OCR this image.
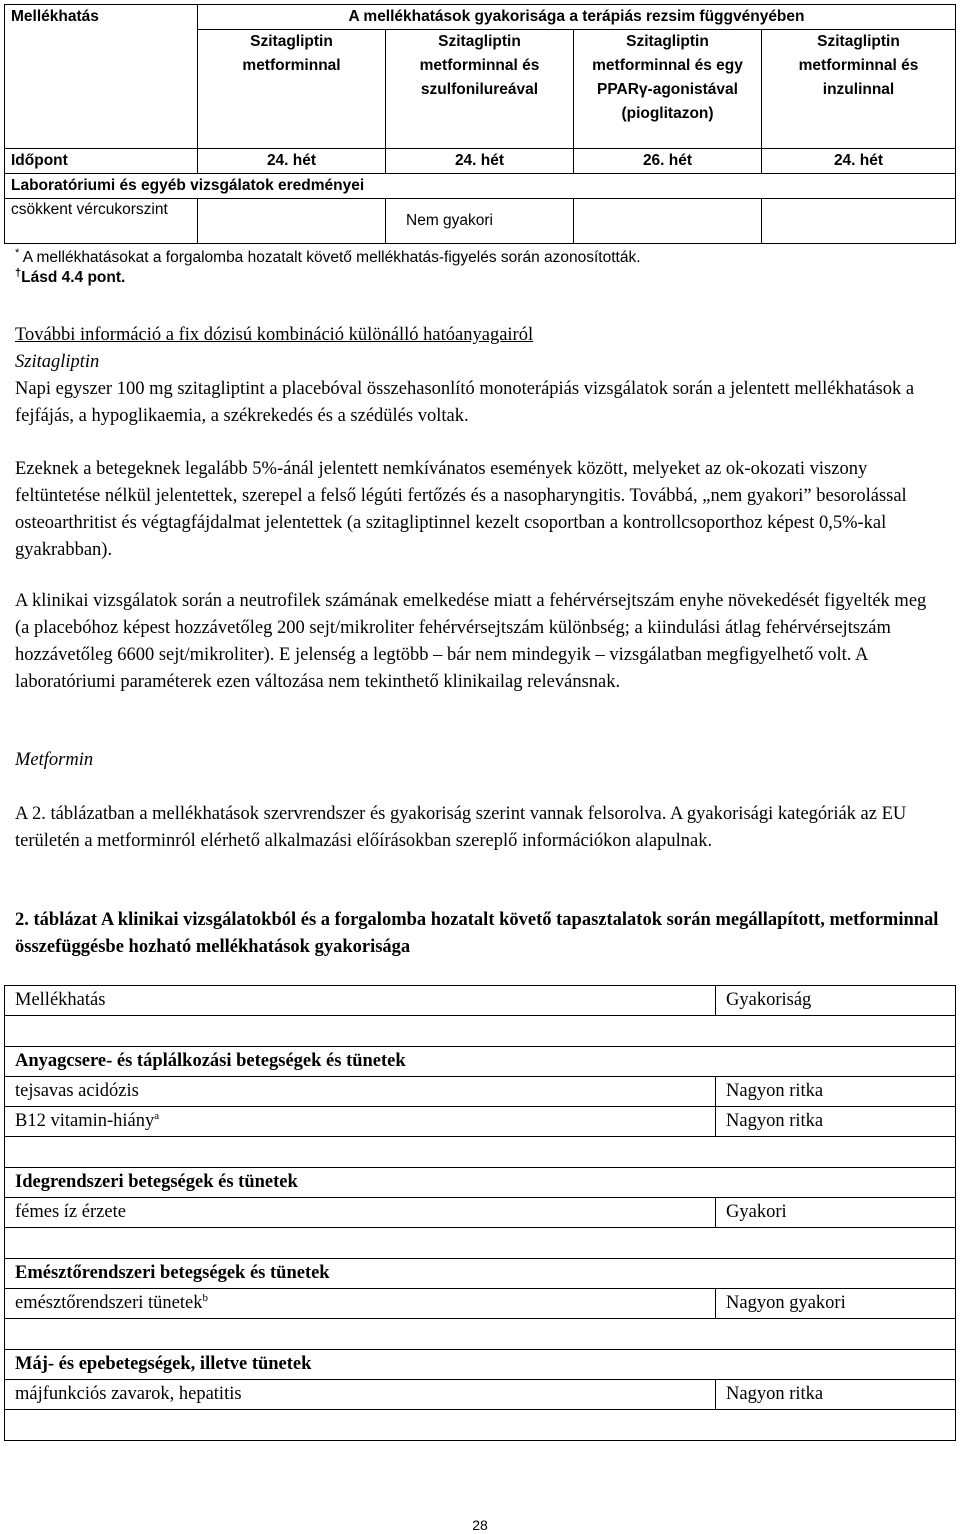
Mellékhatás	A mellékhatások gyakorisága a terápiás rezsim függvényében			
	Szitagliptin metforminnal	Szitagliptin metforminnal és szulfonilureával	Szitagliptin metforminnal és egy PPARγ-agonistával (pioglitazon)	Szitagliptin metforminnal és inzulinnal
Időpont	24. hét	24. hét	26. hét	24. hét
Laboratóriumi és egyéb vizsgálatok eredményei				
csökkent vércukorszint		Nem gyakori		
* A mellékhatásokat a forgalomba hozatalt követő mellékhatás-figyelés során azonosították.
†Lásd 4.4 pont.
További információ a fix dózisú kombináció különálló hatóanyagairól
Szitagliptin
Napi egyszer 100 mg szitagliptint a placebóval összehasonlító monoterápiás vizsgálatok során a jelentett mellékhatások a fejfájás, a hypoglikaemia, a székrekedés és a szédülés voltak.
Ezeknek a betegeknek legalább 5%-ánál jelentett nemkívánatos események között, melyeket az ok-okozati viszony feltüntetése nélkül jelentettek, szerepel a felső légúti fertőzés és a nasopharyngitis. Továbbá, „nem gyakori” besorolással osteoarthritist és végtagfájdalmat jelentettek (a szitagliptinnel kezelt csoportban a kontrollcsoporthoz képest 0,5%-kal gyakrabban).
A klinikai vizsgálatok során a neutrofilek számának emelkedése miatt a fehérvérsejtszám enyhe növekedését figyelték meg (a placebóhoz képest hozzávetőleg 200 sejt/mikroliter fehérvérsejtszám különbség; a kiindulási átlag fehérvérsejtszám hozzávetőleg 6600 sejt/mikroliter). E jelenség a legtöbb – bár nem mindegyik – vizsgálatban megfigyelhető volt. A laboratóriumi paraméterek ezen változása nem tekinthető klinikailag relevánsnak.
Metformin
A 2. táblázatban a mellékhatások szervrendszer és gyakoriság szerint vannak felsorolva. A gyakorisági kategóriák az EU területén a metforminról elérhető alkalmazási előírásokban szereplő információkon alapulnak.
2. táblázat A klinikai vizsgálatokból és a forgalomba hozatalt követő tapasztalatok során megállapított, metforminnal összefüggésbe hozható mellékhatások gyakorisága
Mellékhatás	Gyakoriság

Anyagcsere- és táplálkozási betegségek és tünetek	
tejsavas acidózis	Nagyon ritka
B12 vitamin-hiány$^a$	Nagyon ritka

Idegrendszeri betegségek és tünetek	
fémes íz érzete	Gyakori

Emésztőrendszeri betegségek és tünetek	
emésztőrendszeri tünetek$^b$	Nagyon gyakori

Máj- és epebetegségek, illetve tünetek	
májfunkciós zavarok, hepatitis	Nagyon ritka

28
